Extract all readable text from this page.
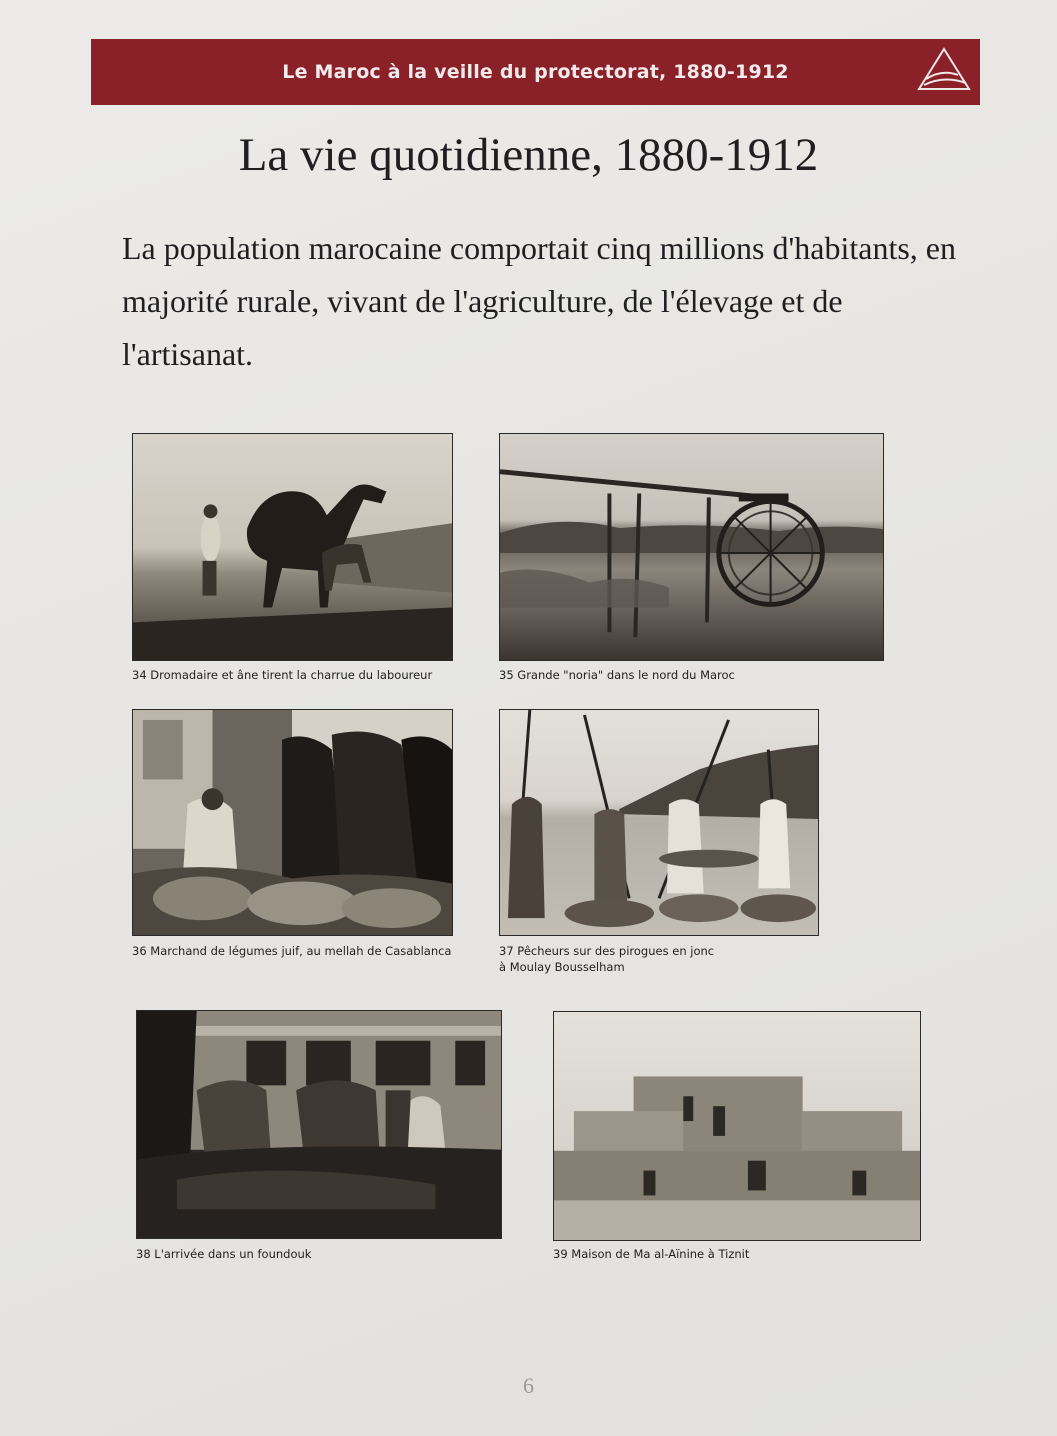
Le Maroc à la veille du protectorat, 1880-1912
La vie quotidienne, 1880-1912

La population marocaine comportait cinq millions d'habitants, en majorité rurale, vivant de l'agriculture, de l'élevage et de l'artisanat.

34 Dromadaire et âne tirent la charrue du laboureur	35 Grande "noria" dans le nord du Maroc
36 Marchand de légumes juif, au mellah de Casablanca	37 Pêcheurs sur des pirogues en jonc
à Moulay Bousselham
38 L'arrivée dans un foundouk	39 Maison de Ma al-Aïnine à Tiznit
6
